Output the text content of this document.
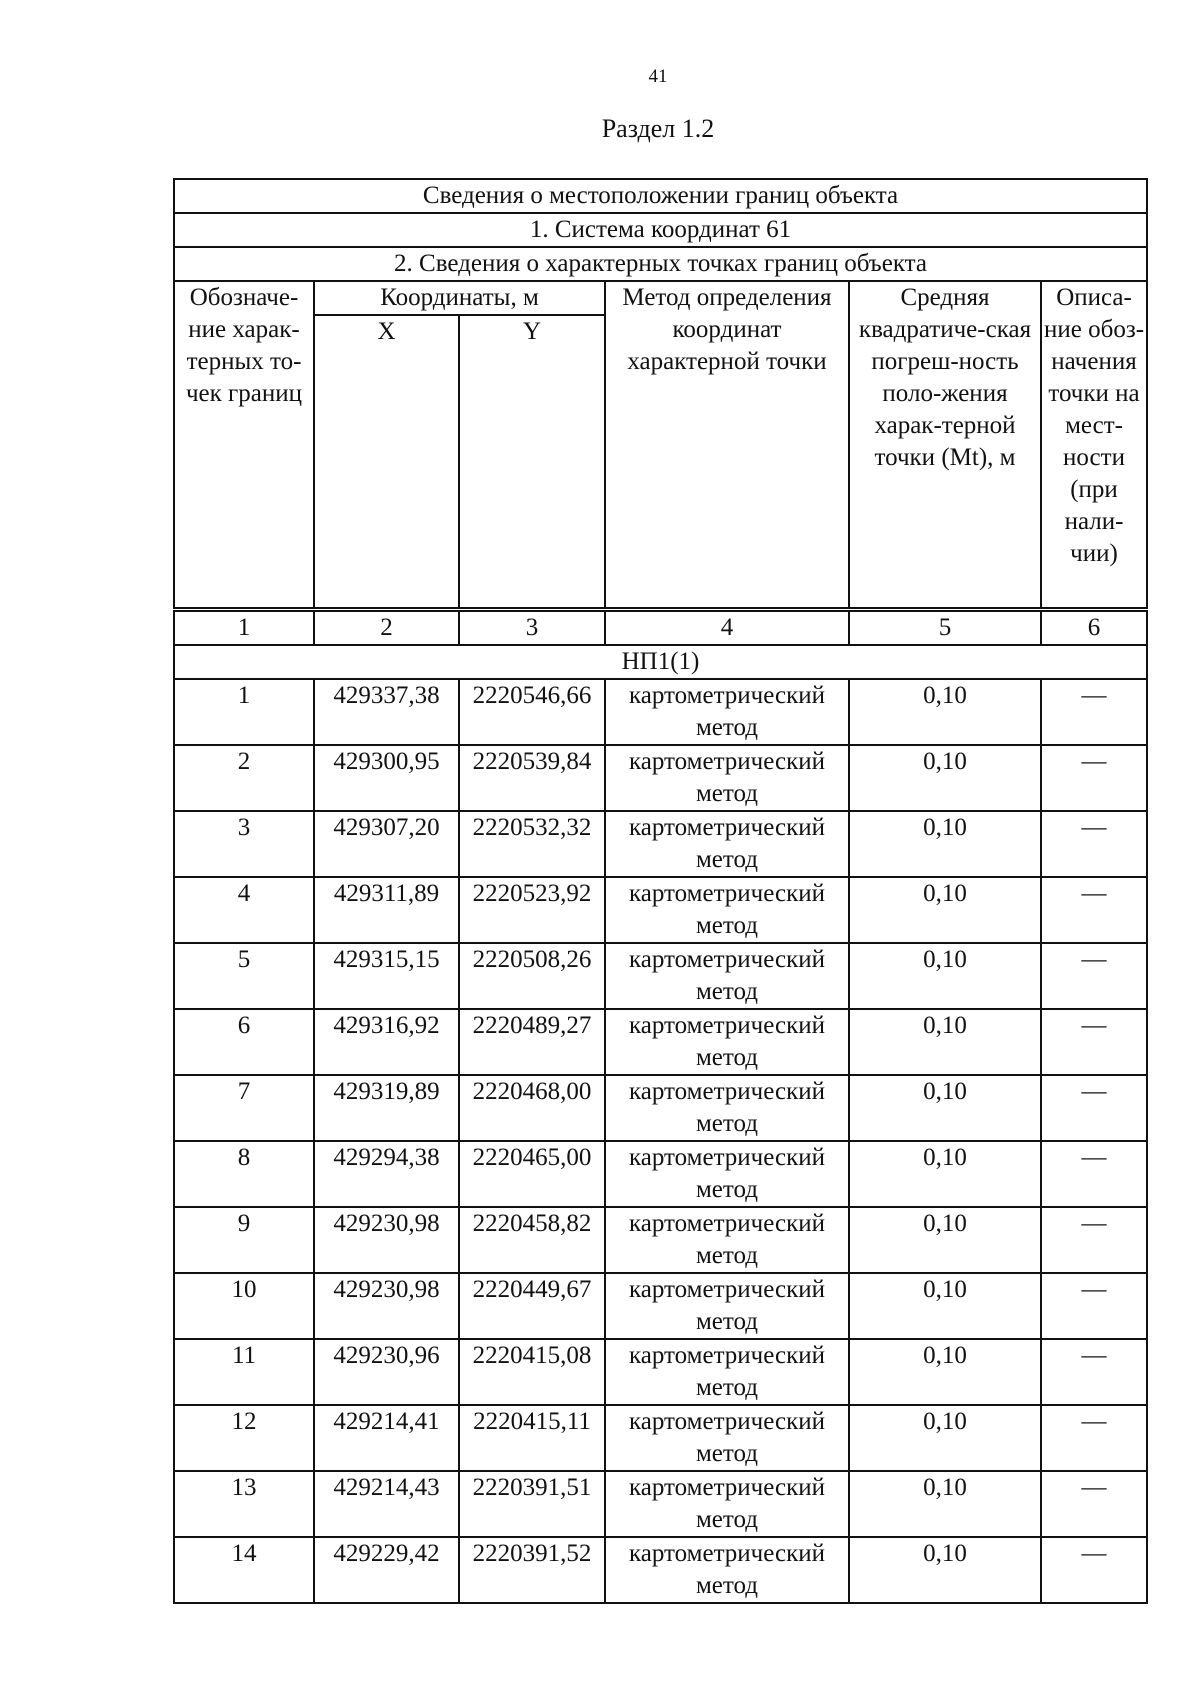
41
Раздел 1.2
Сведения о местоположении границ объекта					
1. Система координат 61					
2. Сведения о характерных точках границ объекта					
Обозначе-ние харак-терных то-чек границ	Координаты, м		Метод определения координат характерной точки	Средняя квадратиче-ская погреш-ность поло-жения харак-терной точки (Mt), м	Описа-ние обоз-начения точки на мест-ности (при нали-чии)
	X	Y			
1	2	3	4	5	6
НП1(1)					
1	429337,38	2220546,66	картометрический метод	0,10	—
2	429300,95	2220539,84	картометрический метод	0,10	—
3	429307,20	2220532,32	картометрический метод	0,10	—
4	429311,89	2220523,92	картометрический метод	0,10	—
5	429315,15	2220508,26	картометрический метод	0,10	—
6	429316,92	2220489,27	картометрический метод	0,10	—
7	429319,89	2220468,00	картометрический метод	0,10	—
8	429294,38	2220465,00	картометрический метод	0,10	—
9	429230,98	2220458,82	картометрический метод	0,10	—
10	429230,98	2220449,67	картометрический метод	0,10	—
11	429230,96	2220415,08	картометрический метод	0,10	—
12	429214,41	2220415,11	картометрический метод	0,10	—
13	429214,43	2220391,51	картометрический метод	0,10	—
14	429229,42	2220391,52	картометрический метод	0,10	—
